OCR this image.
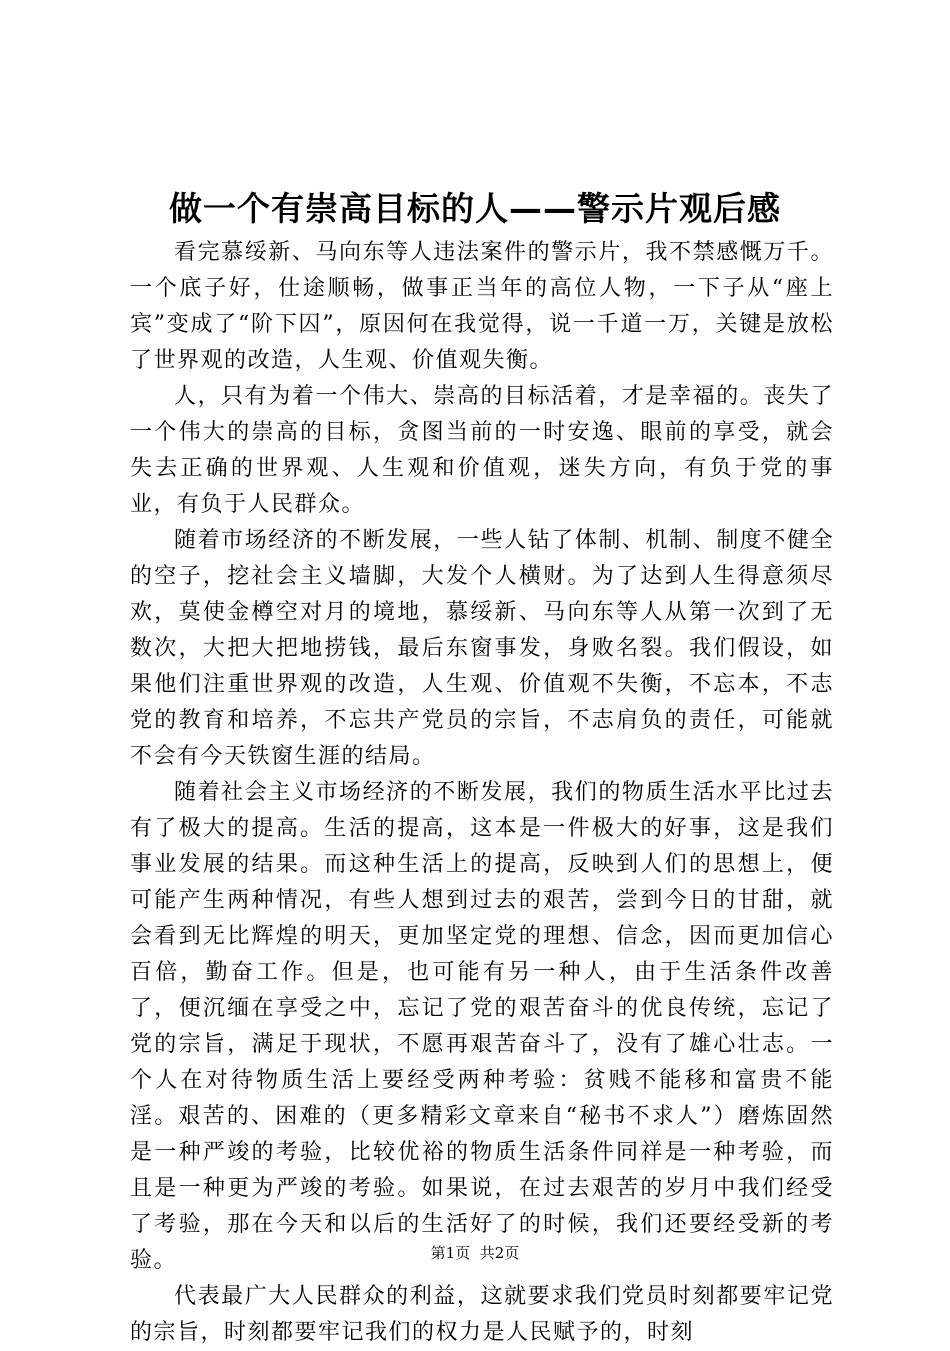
做一个有崇高目标的人——警示片观后感

看完慕绥新、马向东等人违法案件的警示片，我不禁感慨万千。一个底子好，仕途顺畅，做事正当年的高位人物，一下子从“座上宾”变成了“阶下囚”，原因何在我觉得，说一千道一万，关键是放松了世界观的改造，人生观、价值观失衡。

人，只有为着一个伟大、崇高的目标活着，才是幸福的。丧失了一个伟大的崇高的目标，贪图当前的一时安逸、眼前的享受，就会失去正确的世界观、人生观和价值观，迷失方向，有负于党的事业，有负于人民群众。

随着市场经济的不断发展，一些人钻了体制、机制、制度不健全的空子，挖社会主义墙脚，大发个人横财。为了达到人生得意须尽欢，莫使金樽空对月的境地，慕绥新、马向东等人从第一次到了无数次，大把大把地捞钱，最后东窗事发，身败名裂。我们假设，如果他们注重世界观的改造，人生观、价值观不失衡，不忘本，不志党的教育和培养，不忘共产党员的宗旨，不志肩负的责任，可能就不会有今天铁窗生涯的结局。

随着社会主义市场经济的不断发展，我们的物质生活水平比过去有了极大的提高。生活的提高，这本是一件极大的好事，这是我们事业发展的结果。而这种生活上的提高，反映到人们的思想上，便可能产生两种情况，有些人想到过去的艰苦，尝到今日的甘甜，就会看到无比辉煌的明天，更加坚定党的理想、信念，因而更加信心百倍，勤奋工作。但是，也可能有另一种人，由于生活条件改善了，便沉缅在享受之中，忘记了党的艰苦奋斗的优良传统，忘记了党的宗旨，满足于现状，不愿再艰苦奋斗了，没有了雄心壮志。一个人在对待物质生活上要经受两种考验：贫贱不能移和富贵不能淫。艰苦的、困难的（更多精彩文章来自“秘书不求人”）磨炼固然是一种严竣的考验，比较优裕的物质生活条件同祥是一种考验，而且是一种更为严竣的考验。如果说，在过去艰苦的岁月中我们经受了考验，那在今天和以后的生活好了的时候，我们还要经受新的考验。

代表最广大人民群众的利益，这就要求我们党员时刻都要牢记党的宗旨，时刻都要牢记我们的权力是人民赋予的，时刻

第1页 共2页
